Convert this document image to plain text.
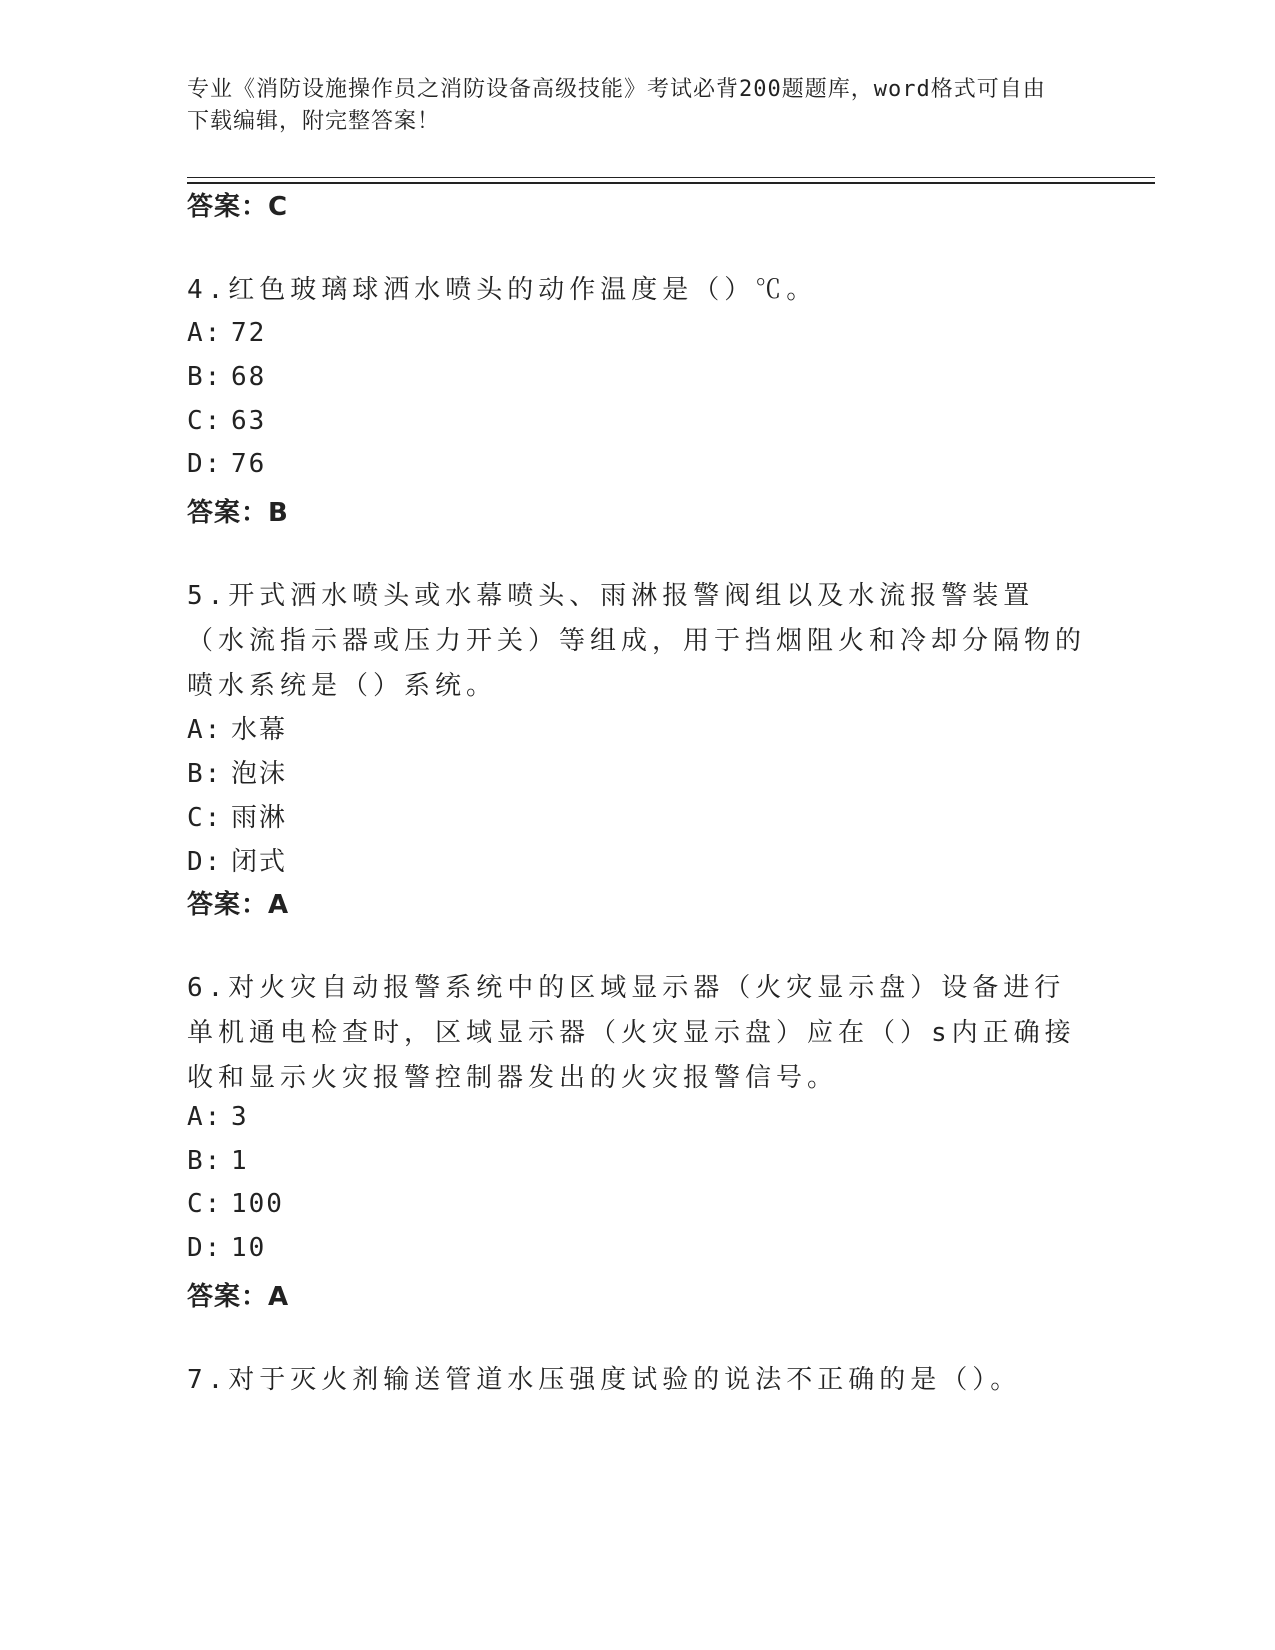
专业《消防设施操作员之消防设备高级技能》考试必背200题题库，word格式可自由下载编辑，附完整答案！
答案：C
4.红色玻璃球洒水喷头的动作温度是（）℃。
A: 72
B: 68
C: 63
D: 76
答案：B
5.开式洒水喷头或水幕喷头、雨淋报警阀组以及水流报警装置（水流指示器或压力开关）等组成，用于挡烟阻火和冷却分隔物的喷水系统是（）系统。
A: 水幕
B: 泡沫
C: 雨淋
D: 闭式
答案：A
6.对火灾自动报警系统中的区域显示器（火灾显示盘）设备进行单机通电检查时，区域显示器（火灾显示盘）应在（）s内正确接收和显示火灾报警控制器发出的火灾报警信号。
A: 3
B: 1
C: 100
D: 10
答案：A
7.对于灭火剂输送管道水压强度试验的说法不正确的是（）。
